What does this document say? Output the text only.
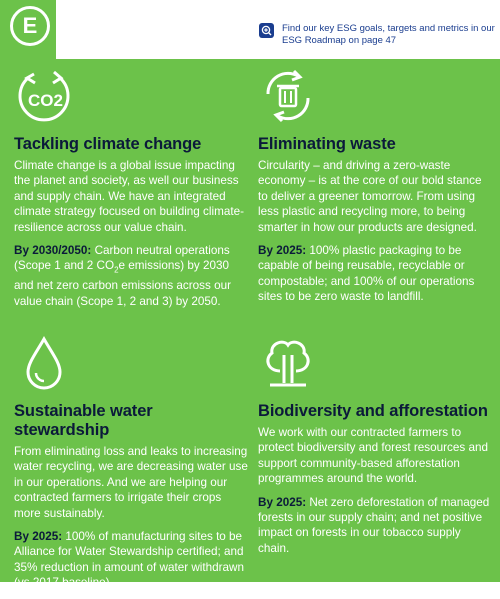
E	Find our key ESG goals, targets and metrics in our ESG Roadmap on page 47
CO2
Tackling climate change

Climate change is a global issue impacting the planet and society, as well our business and supply chain. We have an integrated climate strategy focused on building climate-resilience across our value chain.

By 2030/2050: Carbon neutral operations (Scope 1 and 2 $CO_2e$ emissions) by 2030 and net zero carbon emissions across our value chain (Scope 1, 2 and 3) by 2050.

Eliminating waste

Circularity – and driving a zero-waste economy – is at the core of our bold stance to deliver a greener tomorrow. From using less plastic and recycling more, to being smarter in how our products are designed.

By 2025: 100% plastic packaging to be capable of being reusable, recyclable or compostable; and 100% of our operations sites to be zero waste to landfill.

Sustainable water stewardship

From eliminating loss and leaks to increasing water recycling, we are decreasing water use in our operations. And we are helping our contracted farmers to irrigate their crops more sustainably.

By 2025: 100% of manufacturing sites to be Alliance for Water Stewardship certified; and 35% reduction in amount of water withdrawn (vs 2017 baseline).

Biodiversity and afforestation

We work with our contracted farmers to protect biodiversity and forest resources and support community-based afforestation programmes around the world.

By 2025: Net zero deforestation of managed forests in our supply chain; and net positive impact on forests in our tobacco supply chain.
